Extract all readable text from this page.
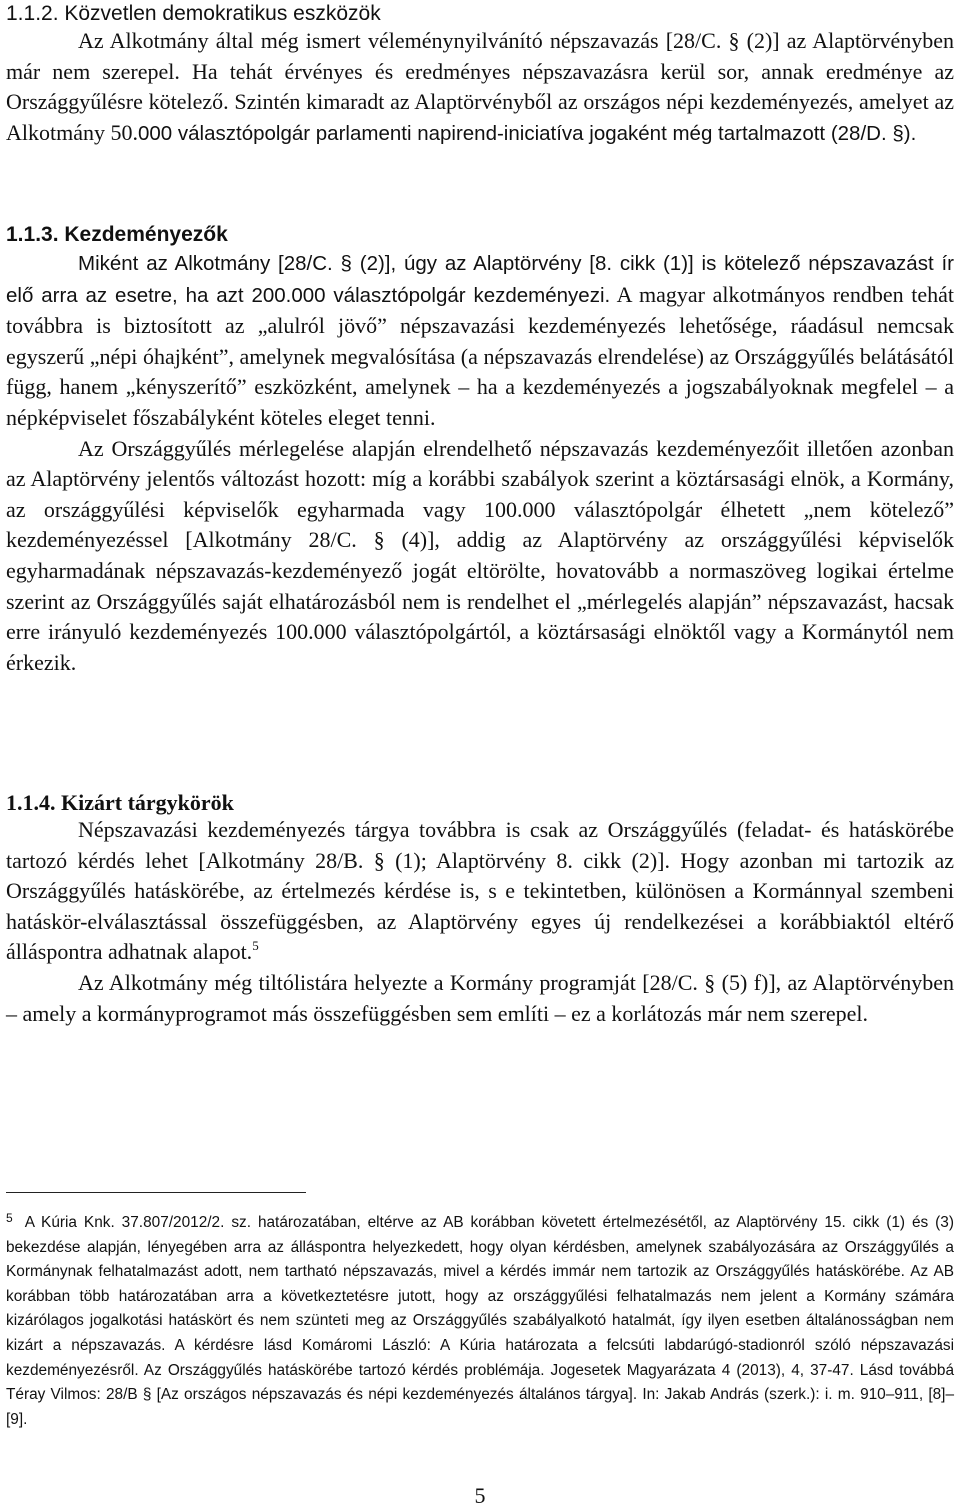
1.1.2. Közvetlen demokratikus eszközök

Az Alkotmány által még ismert véleménynyilvánító népszavazás [28/C. § (2)] az Alaptörvényben már nem szerepel. Ha tehát érvényes és eredményes népszavazásra kerül sor, annak eredménye az Országgyűlésre kötelező. Szintén kimaradt az Alaptörvényből az országos népi kezdeményezés, amelyet az Alkotmány 50.000 választópolgár parlamenti napirend-iniciatíva jogaként még tartalmazott (28/D. §).

1.1.3. Kezdeményezők

Miként az Alkotmány [28/C. § (2)], úgy az Alaptörvény [8. cikk (1)] is kötelező népszavazást ír elő arra az esetre, ha azt 200.000 választópolgár kezdeményezi. A magyar alkotmányos rendben tehát továbbra is biztosított az „alulról jövő” népszavazási kezdeményezés lehetősége, ráadásul nemcsak egyszerű „népi óhajként”, amelynek megvalósítása (a népszavazás elrendelése) az Országgyűlés belátásától függ, hanem „kényszerítő” eszközként, amelynek – ha a kezdeményezés a jogszabályoknak megfelel – a népképviselet főszabályként köteles eleget tenni.

Az Országgyűlés mérlegelése alapján elrendelhető népszavazás kezdeményezőit illetően azonban az Alaptörvény jelentős változást hozott: míg a korábbi szabályok szerint a köztársasági elnök, a Kormány, az országgyűlési képviselők egyharmada vagy 100.000 választópolgár élhetett „nem kötelező” kezdeményezéssel [Alkotmány 28/C. § (4)], addig az Alaptörvény az országgyűlési képviselők egyharmadának népszavazás-kezdeményező jogát eltörölte, hovatovább a normaszöveg logikai értelme szerint az Országgyűlés saját elhatározásból nem is rendelhet el „mérlegelés alapján” népszavazást, hacsak erre irányuló kezdeményezés 100.000 választópolgártól, a köztársasági elnöktől vagy a Kormánytól nem érkezik.

1.1.4. Kizárt tárgykörök

Népszavazási kezdeményezés tárgya továbbra is csak az Országgyűlés (feladat- és hatáskörébe tartozó kérdés lehet [Alkotmány 28/B. § (1); Alaptörvény 8. cikk (2)]. Hogy azonban mi tartozik az Országgyűlés hatáskörébe, az értelmezés kérdése is, s e tekintetben, különösen a Kormánnyal szembeni hatáskör-elválasztással összefüggésben, az Alaptörvény egyes új rendelkezései a korábbiaktól eltérő álláspontra adhatnak alapot.$^5$

Az Alkotmány még tiltólistára helyezte a Kormány programját [28/C. § (5) f)], az Alaptörvényben – amely a kormányprogramot más összefüggésben sem említi – ez a korlátozás már nem szerepel.

$^5$ A Kúria Knk. 37.807/2012/2. sz. határozatában, eltérve az AB korábban követett értelmezésétől, az Alaptörvény 15. cikk (1) és (3) bekezdése alapján, lényegében arra az álláspontra helyezkedett, hogy olyan kérdésben, amelynek szabályozására az Országgyűlés a Kormánynak felhatalmazást adott, nem tartható népszavazás, mivel a kérdés immár nem tartozik az Országgyűlés hatáskörébe. Az AB korábban több határozatában arra a következtetésre jutott, hogy az országgyűlési felhatalmazás nem jelent a Kormány számára kizárólagos jogalkotási hatáskört és nem szünteti meg az Országgyűlés szabályalkotó hatalmát, így ilyen esetben általánosságban nem kizárt a népszavazás. A kérdésre lásd Komáromi László: A Kúria határozata a felcsúti labdarúgó-stadionról szóló népszavazási kezdeményezésről. Az Országgyűlés hatáskörébe tartozó kérdés problémája. Jogesetek Magyarázata 4 (2013), 4, 37-47. Lásd továbbá Téray Vilmos: 28/B § [Az országos népszavazás és népi kezdeményezés általános tárgya]. In: Jakab András (szerk.): i. m. 910–911, [8]–[9].

5
